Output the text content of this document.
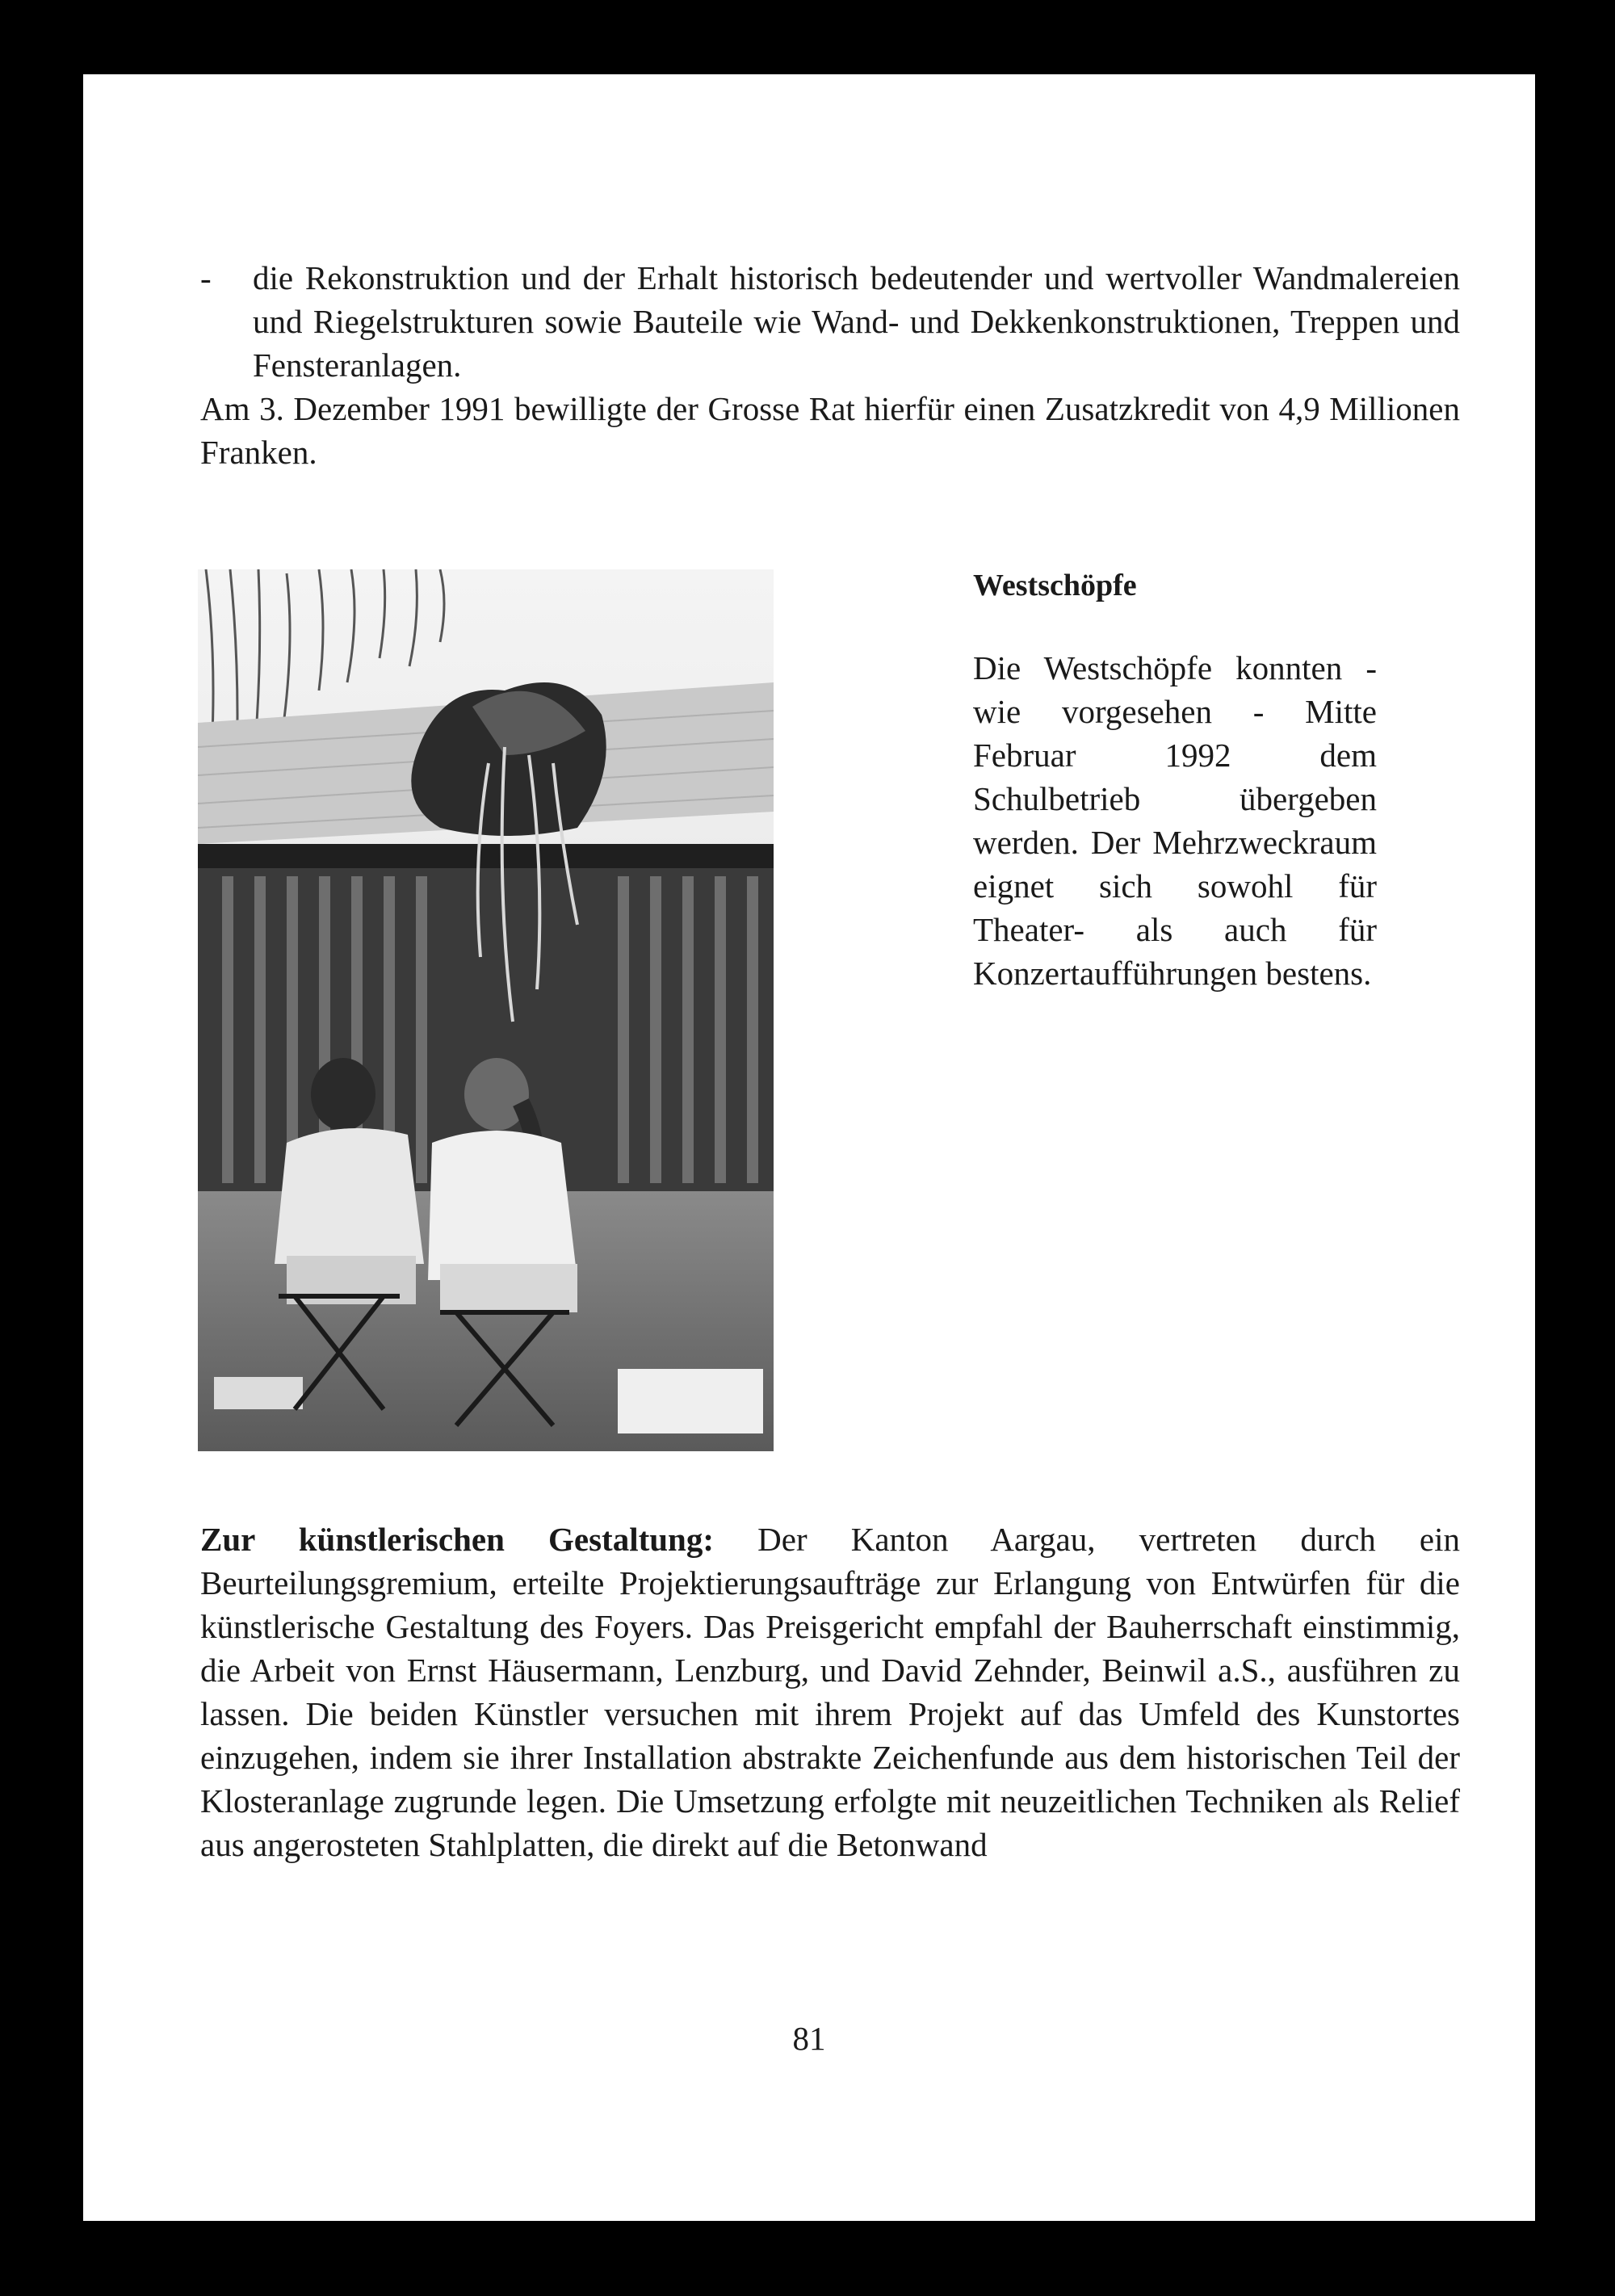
- die Rekonstruktion und der Erhalt historisch bedeutender und wertvoller Wandmalereien und Riegelstrukturen sowie Bauteile wie Wand- und Dekkenkonstruktionen, Treppen und Fensteranlagen.
Am 3. Dezember 1991 bewilligte der Grosse Rat hierfür einen Zusatzkredit von 4,9 Millionen Franken.
Westschöpfe

Die Westschöpfe konnten - wie vorgesehen - Mitte Februar 1992 dem Schulbetrieb übergeben werden. Der Mehrzweckraum eignet sich sowohl für Theater- als auch für Konzertaufführungen bestens.

Zur künstlerischen Gestaltung: Der Kanton Aargau, vertreten durch ein Beurteilungsgremium, erteilte Projektierungsaufträge zur Erlangung von Entwürfen für die künstlerische Gestaltung des Foyers. Das Preisgericht empfahl der Bauherrschaft einstimmig, die Arbeit von Ernst Häusermann, Lenzburg, und David Zehnder, Beinwil a.S., ausführen zu lassen. Die beiden Künstler versuchen mit ihrem Projekt auf das Umfeld des Kunstortes einzugehen, indem sie ihrer Installation abstrakte Zeichenfunde aus dem historischen Teil der Klosteranlage zugrunde legen. Die Umsetzung erfolgte mit neuzeitlichen Techniken als Relief aus angerosteten Stahlplatten, die direkt auf die Betonwand
81
